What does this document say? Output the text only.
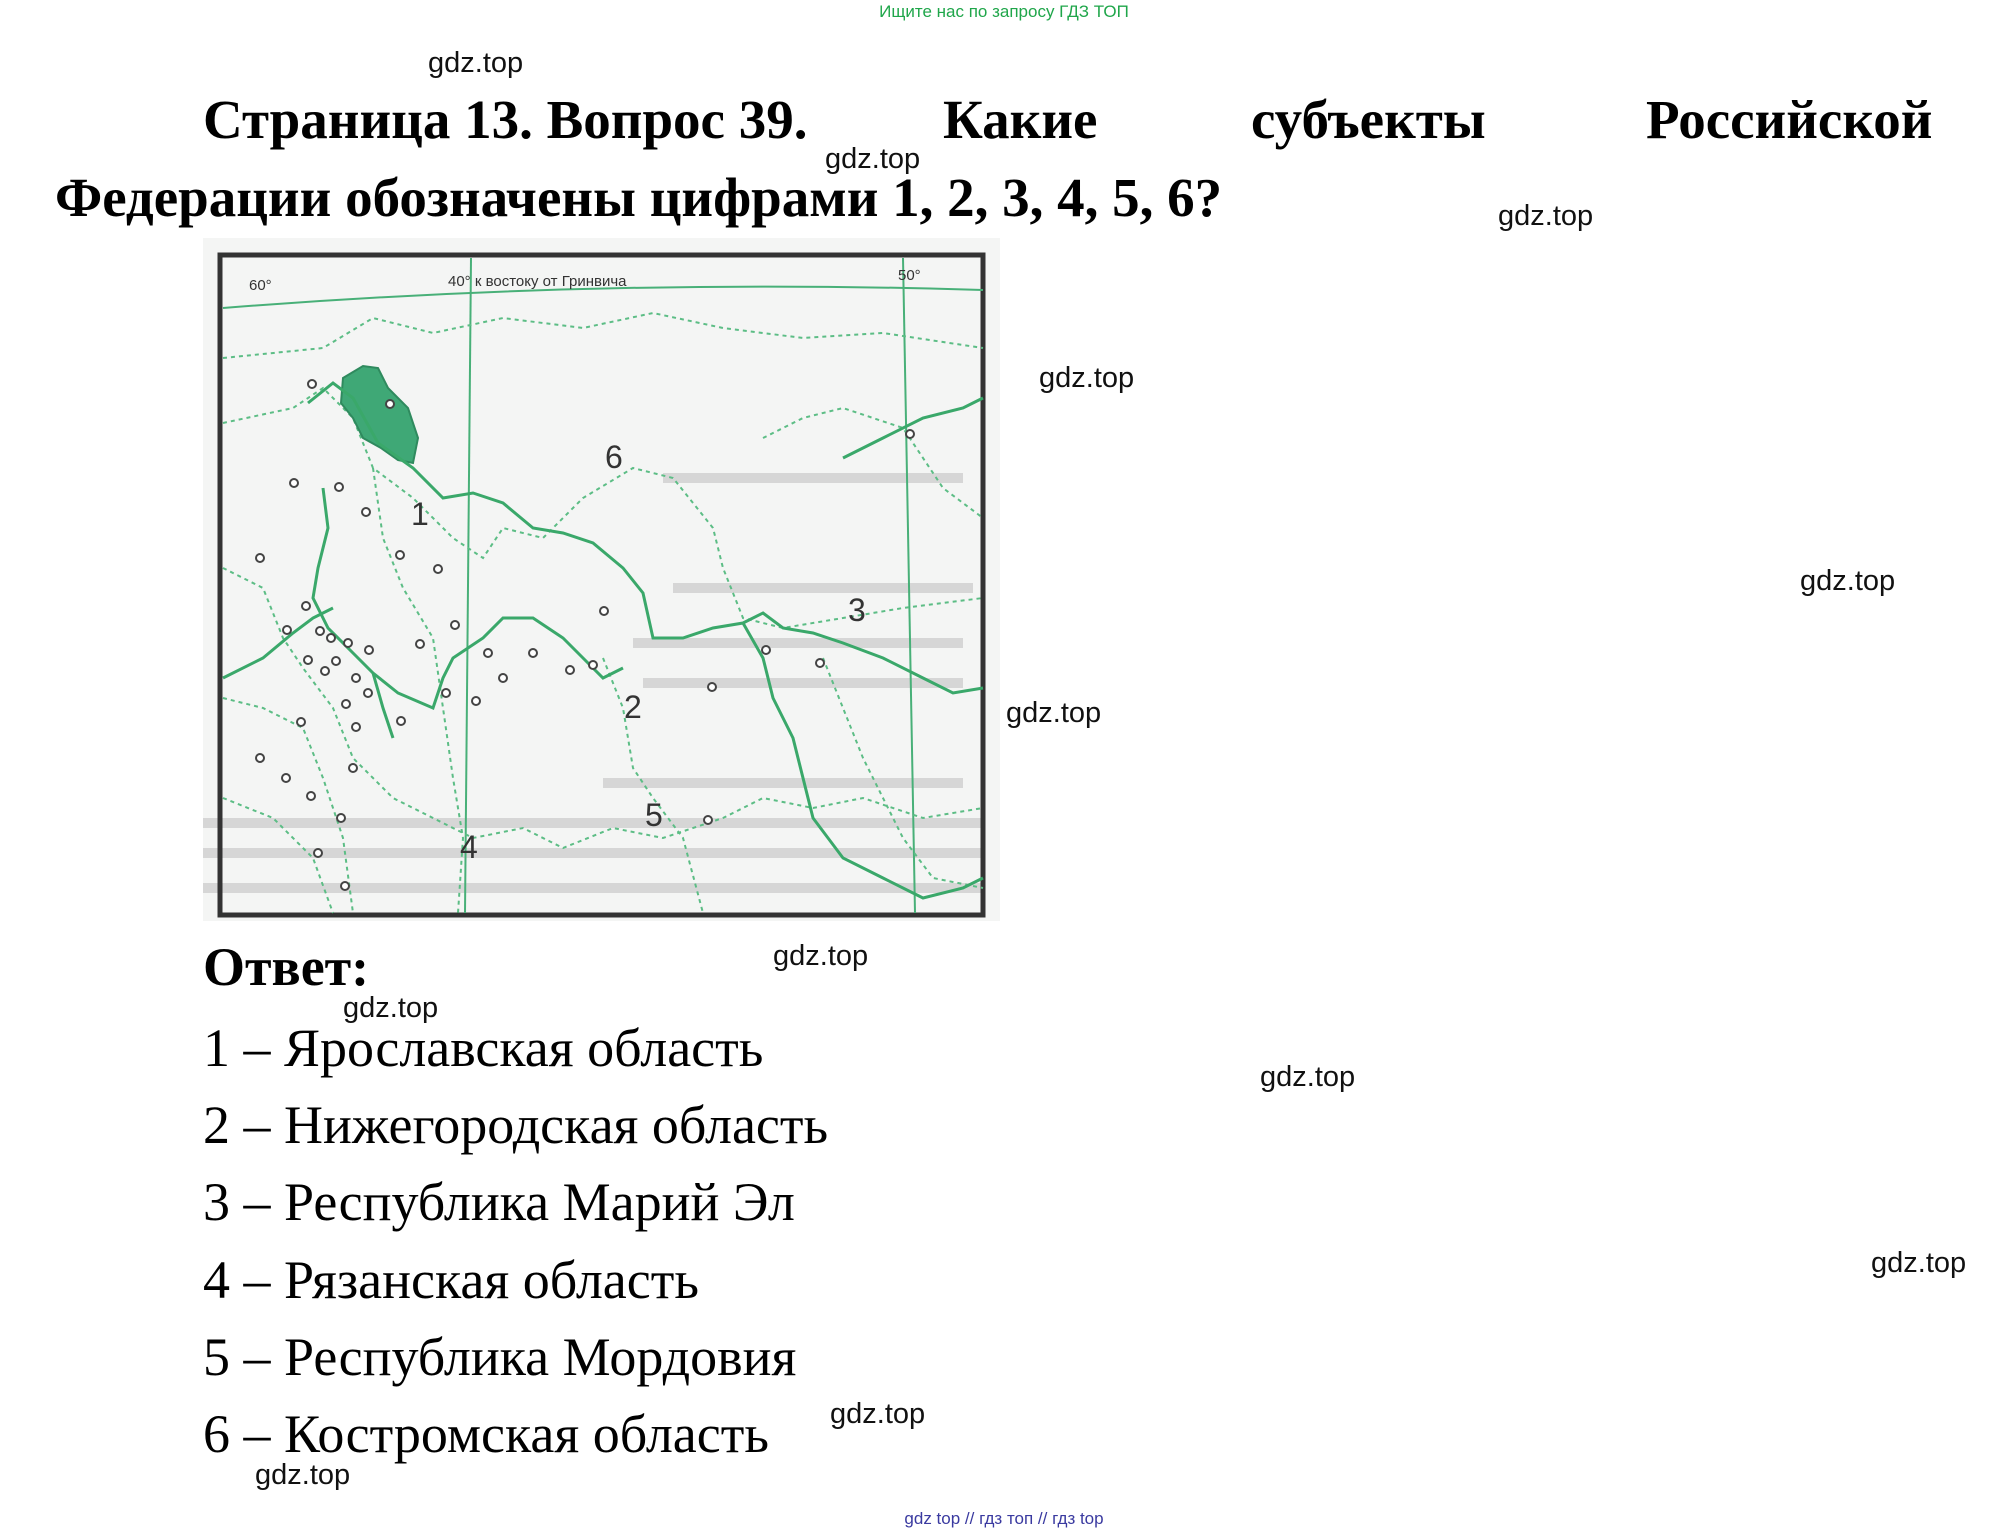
Ищите нас по запросу ГДЗ ТОП
Страница 13. Вопрос 39. Какие	субъекты	Российской
Федерации обозначены цифрами 1, 2, 3, 4, 5, 6?
40° к востоку от Гринвича
60°
50°
1
2
3
4
5
6
Ответ:
1 – Ярославская область
2 – Нижегородская область
3 – Республика Марий Эл
4 – Рязанская область
5 – Республика Мордовия
6 – Костромская область
gdz.top
gdz.top
gdz.top
gdz.top
gdz.top
gdz.top
gdz.top
gdz.top
gdz.top
gdz.top
gdz.top
gdz.top
gdz top // гдз топ // гдз top
